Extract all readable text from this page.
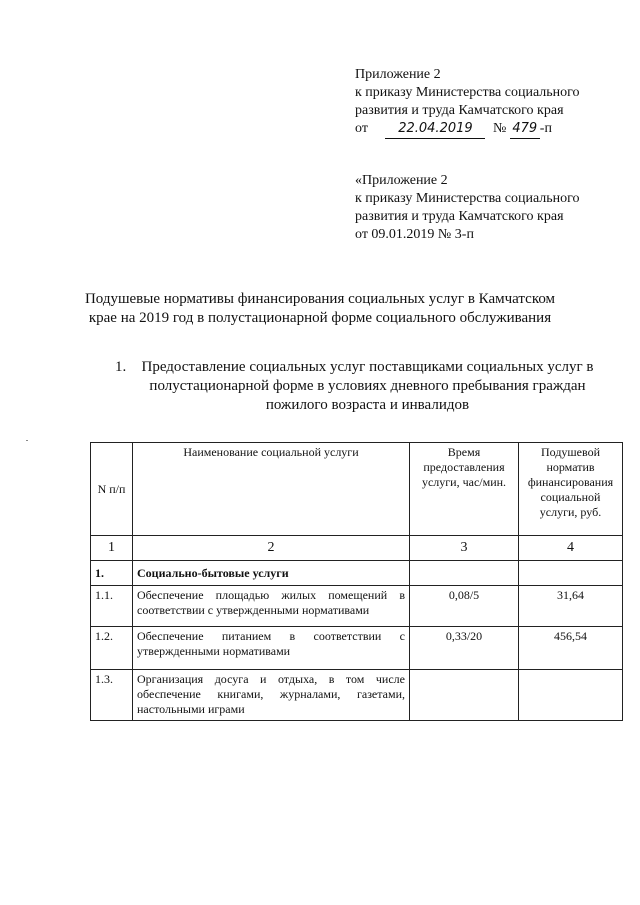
Приложение 2
к приказу Министерства социального
развития и труда Камчатского края
от 22.04.2019 № 479 -п
«Приложение 2
к приказу Министерства социального
развития и труда Камчатского края
от 09.01.2019 № 3-п
Подушевые нормативы финансирования социальных услуг в Камчатском
крае на 2019 год в полустационарной форме социального обслуживания
1. Предоставление социальных услуг поставщиками социальных услуг в полустационарной форме в условиях дневного пребывания граждан пожилого возраста и инвалидов
N п/п	Наименование социальной услуги	Время предоставления услуги, час/мин.	Подушевой норматив финансирования социальной услуги, руб.
1	2	3	4
1.	Социально-бытовые услуги		
1.1.	Обеспечение площадью жилых помещений в соответствии с утвержденными нормативами	0,08/5	31,64
1.2.	Обеспечение питанием в соответствии с утвержденными нормативами	0,33/20	456,54
1.3.	Организация досуга и отдыха, в том числе обеспечение книгами, журналами, газетами, настольными играми		
